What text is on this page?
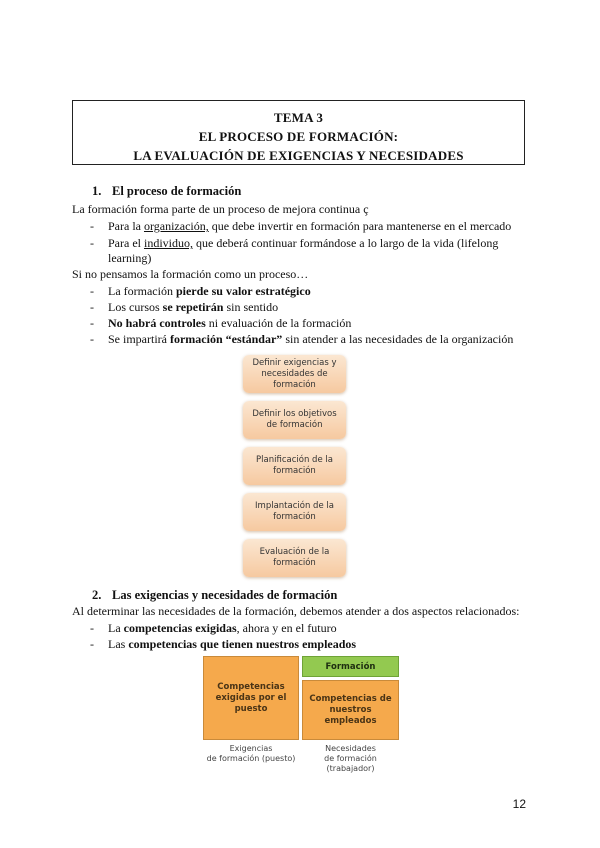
TEMA 3
EL PROCESO DE FORMACIÓN:
LA EVALUACIÓN DE EXIGENCIAS Y NECESIDADES
1. El proceso de formación
La formación forma parte de un proceso de mejora continua ç
- Para la organización, que debe invertir en formación para mantenerse en el mercado
- Para el individuo, que deberá continuar formándose a lo largo de la vida (lifelong
learning)
Si no pensamos la formación como un proceso…
- La formación pierde su valor estratégico
- Los cursos se repetirán sin sentido
- No habrá controles ni evaluación de la formación
- Se impartirá formación “estándar” sin atender a las necesidades de la organización
Definir exigencias y necesidades de formación
Definir los objetivos de formación
Planificación de la formación
Implantación de la formación
Evaluación de la formación
2. Las exigencias y necesidades de formación
Al determinar las necesidades de la formación, debemos atender a dos aspectos relacionados:
- La competencias exigidas, ahora y en el futuro
- Las competencias que tienen nuestros empleados
Competencias exigidas por el puesto
Formación
Competencias de nuestros empleados
Exigencias
de formación (puesto)
Necesidades
de formación (trabajador)
12
